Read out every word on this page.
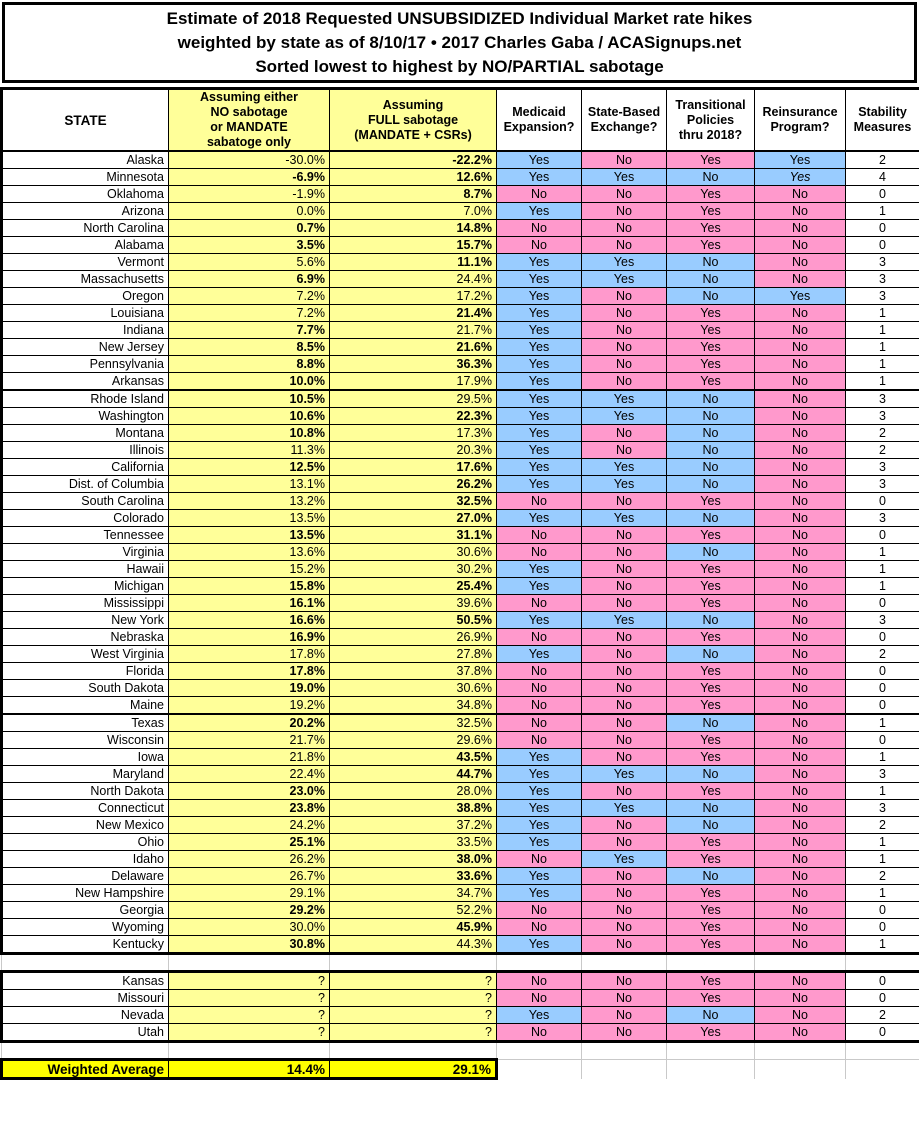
Estimate of 2018 Requested UNSUBSIDIZED Individual Market rate hikes
weighted by state as of 8/10/17 • 2017 Charles Gaba / ACASignups.net
Sorted lowest to highest by NO/PARTIAL sabotage
STATE

Assuming either
NO sabotage
or MANDATE
sabatoge only

Assuming
FULL sabotage
(MANDATE + CSRs)

Medicaid
Expansion?

State-Based
Exchange?

Transitional
Policies
thru 2018?

Reinsurance
Program?

Stability
Measures

Alaska	-30.0%	-22.2%	Yes	No	Yes	Yes	2
Minnesota	-6.9%	12.6%	Yes	Yes	No	Yes	4
Oklahoma	-1.9%	8.7%	No	No	Yes	No	0
Arizona	0.0%	7.0%	Yes	No	Yes	No	1
North Carolina	0.7%	14.8%	No	No	Yes	No	0
Alabama	3.5%	15.7%	No	No	Yes	No	0
Vermont	5.6%	11.1%	Yes	Yes	No	No	3
Massachusetts	6.9%	24.4%	Yes	Yes	No	No	3
Oregon	7.2%	17.2%	Yes	No	No	Yes	3
Louisiana	7.2%	21.4%	Yes	No	Yes	No	1
Indiana	7.7%	21.7%	Yes	No	Yes	No	1
New Jersey	8.5%	21.6%	Yes	No	Yes	No	1
Pennsylvania	8.8%	36.3%	Yes	No	Yes	No	1
Arkansas	10.0%	17.9%	Yes	No	Yes	No	1
Rhode Island	10.5%	29.5%	Yes	Yes	No	No	3
Washington	10.6%	22.3%	Yes	Yes	No	No	3
Montana	10.8%	17.3%	Yes	No	No	No	2
Illinois	11.3%	20.3%	Yes	No	No	No	2
California	12.5%	17.6%	Yes	Yes	No	No	3
Dist. of Columbia	13.1%	26.2%	Yes	Yes	No	No	3
South Carolina	13.2%	32.5%	No	No	Yes	No	0
Colorado	13.5%	27.0%	Yes	Yes	No	No	3
Tennessee	13.5%	31.1%	No	No	Yes	No	0
Virginia	13.6%	30.6%	No	No	No	No	1
Hawaii	15.2%	30.2%	Yes	No	Yes	No	1
Michigan	15.8%	25.4%	Yes	No	Yes	No	1
Mississippi	16.1%	39.6%	No	No	Yes	No	0
New York	16.6%	50.5%	Yes	Yes	No	No	3
Nebraska	16.9%	26.9%	No	No	Yes	No	0
West Virginia	17.8%	27.8%	Yes	No	No	No	2
Florida	17.8%	37.8%	No	No	Yes	No	0
South Dakota	19.0%	30.6%	No	No	Yes	No	0
Maine	19.2%	34.8%	No	No	Yes	No	0
Texas	20.2%	32.5%	No	No	No	No	1
Wisconsin	21.7%	29.6%	No	No	Yes	No	0
Iowa	21.8%	43.5%	Yes	No	Yes	No	1
Maryland	22.4%	44.7%	Yes	Yes	No	No	3
North Dakota	23.0%	28.0%	Yes	No	Yes	No	1
Connecticut	23.8%	38.8%	Yes	Yes	No	No	3
New Mexico	24.2%	37.2%	Yes	No	No	No	2
Ohio	25.1%	33.5%	Yes	No	Yes	No	1
Idaho	26.2%	38.0%	No	Yes	Yes	No	1
Delaware	26.7%	33.6%	Yes	No	No	No	2
New Hampshire	29.1%	34.7%	Yes	No	Yes	No	1
Georgia	29.2%	52.2%	No	No	Yes	No	0
Wyoming	30.0%	45.9%	No	No	Yes	No	0
Kentucky	30.8%	44.3%	Yes	No	Yes	No	1

Kansas	?	?	No	No	Yes	No	0
Missouri	?	?	No	No	Yes	No	0
Nevada	?	?	Yes	No	No	No	2
Utah	?	?	No	No	Yes	No	0

Weighted Average	14.4%	29.1%					
